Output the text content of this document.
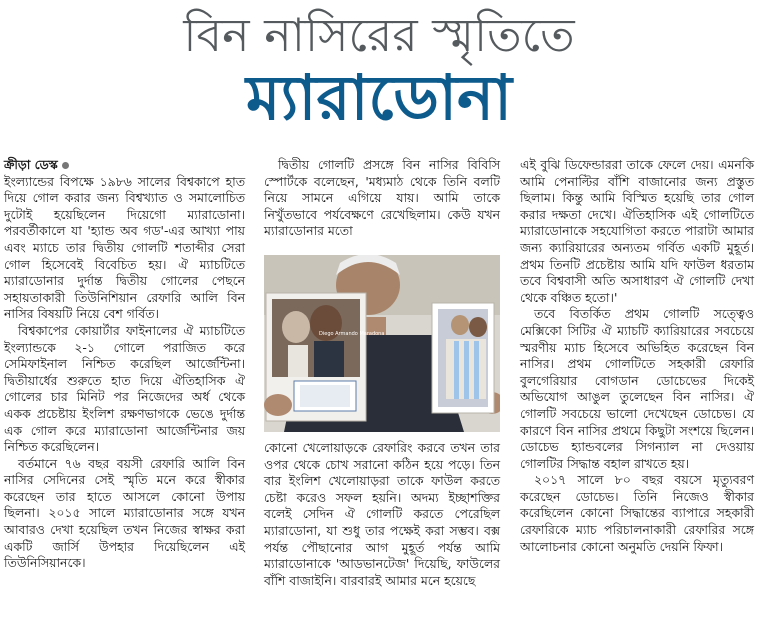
বিন নাসিরের স্মৃতিতে
ম্যারাডোনা

ক্রীড়া ডেস্ক

ইংল্যান্ডের বিপক্ষে ১৯৮৬ সালের বিশ্বকাপে হাত দিয়ে গোল করার জন্য বিশ্বখ্যাত ও সমালোচিত দুটোই হয়েছিলেন দিয়েগো ম্যারাডোনা। পরবর্তীকালে যা 'হ্যান্ড অব গড'-এর আখ্যা পায় এবং ম্যাচে তার দ্বিতীয় গোলটি শতাব্দীর সেরা গোল হিসেবেই বিবেচিত হয়। ঐ ম্যাচটিতে ম্যারাডোনার দুর্দান্ত দ্বিতীয় গোলের পেছনে সহায়তাকারী তিউনিশিয়ান রেফারি আলি বিন নাসির বিষয়টি নিয়ে বেশ গর্বিত।

বিশ্বকাপের কোয়ার্টার ফাইনালের ঐ ম্যাচটিতে ইংল্যান্ডকে ২-১ গোলে পরাজিত করে সেমিফাইনাল নিশ্চিত করেছিল আর্জেন্টিনা। দ্বিতীয়ার্ধের শুরুতে হাত দিয়ে ঐতিহাসিক ঐ গোলের চার মিনিট পর নিজেদের অর্ধ থেকে একক প্রচেষ্টায় ইংলিশ রক্ষণভাগকে ভেঙে দুর্দান্ত এক গোল করে ম্যারাডোনা আর্জেন্টিনার জয় নিশ্চিত করেছিলেন।

বর্তমানে ৭৬ বছর বয়সী রেফারি আলি বিন নাসির সেদিনের সেই স্মৃতি মনে করে স্বীকার করেছেন তার হাতে আসলে কোনো উপায় ছিলনা। ২০১৫ সালে ম্যারাডোনার সঙ্গে যখন আবারও দেখা হয়েছিল তখন নিজের স্বাক্ষর করা একটি জার্সি উপহার দিয়েছিলেন এই তিউনিসিয়ানকে।

দ্বিতীয় গোলটি প্রসঙ্গে বিন নাসির বিবিসি স্পোর্টকে বলেছেন, 'মধ্যমাঠ থেকে তিনি বলটি নিয়ে সামনে এগিয়ে যায়। আমি তাকে নিখুঁতভাবে পর্যবেক্ষণে রেখেছিলাম। কেউ যখন ম্যারাডোনার মতো

Diego Armando Maradona

কোনো খেলোয়াড়কে রেফারিং করবে তখন তার ওপর থেকে চোখ সরানো কঠিন হয়ে পড়ে। তিন বার ইংলিশ খেলোয়াড়রা তাকে ফাউল করতে চেষ্টা করেও সফল হয়নি। অদম্য ইচ্ছাশক্তির বলেই সেদিন ঐ গোলটি করতে পেরেছিল ম্যারাডোনা, যা শুধু তার পক্ষেই করা সম্ভব। বক্স পর্যন্ত পৌছানোর আগ মুহূর্ত পর্যন্ত আমি ম্যারাডোনাকে 'আডভানটেজ' দিয়েছি, ফাউলের বাঁশি বাজাইনি। বারবারই আমার মনে হয়েছে

এই বুঝি ডিফেন্ডাররা তাকে ফেলে দেয়। এমনকি আমি পেনাল্টির বাঁশি বাজানোর জন্য প্রস্তুত ছিলাম। কিন্তু আমি বিস্মিত হয়েছি তার গোল করার দক্ষতা দেখে। ঐতিহাসিক এই গোলটিতে ম্যারাডোনাকে সহযোগিতা করতে পারাটা আমার জন্য ক্যারিয়ারের অন্যতম গর্বিত একটি মুহূর্ত। প্রথম তিনটি প্রচেষ্টায় আমি যদি ফাউল ধরতাম তবে বিশ্ববাসী অতি অসাধারণ ঐ গোলটি দেখা থেকে বঞ্চিত হতো।'

তবে বিতর্কিত প্রথম গোলটি সত্ত্বেও মেক্সিকো সিটির ঐ ম্যাচটি ক্যারিয়ারের সবচেয়ে স্মরণীয় ম্যাচ হিসেবে অভিহিত করেছেন বিন নাসির। প্রথম গোলটিতে সহকারী রেফারি বুলগেরিয়ার বোগডান ডোচেভের দিকেই অভিযোগ আঙুল তুলেছেন বিন নাসির। ঐ গোলটি সবচেয়ে ভালো দেখেছেন ডোচেভ। যে কারণে বিন নাসির প্রথমে কিছুটা সংশয়ে ছিলেন। ডোচেভ হ্যান্ডবলের সিগন্যাল না দেওয়ায় গোলটির সিদ্ধান্ত বহাল রাখতে হয়।

২০১৭ সালে ৮০ বছর বয়সে মৃত্যুবরণ করেছেন ডোচেভ। তিনি নিজেও স্বীকার করেছিলেন কোনো সিদ্ধান্তের ব্যাপারে সহকারী রেফারিকে ম্যাচ পরিচালনাকারী রেফারির সঙ্গে আলোচনার কোনো অনুমতি দেয়নি ফিফা।
